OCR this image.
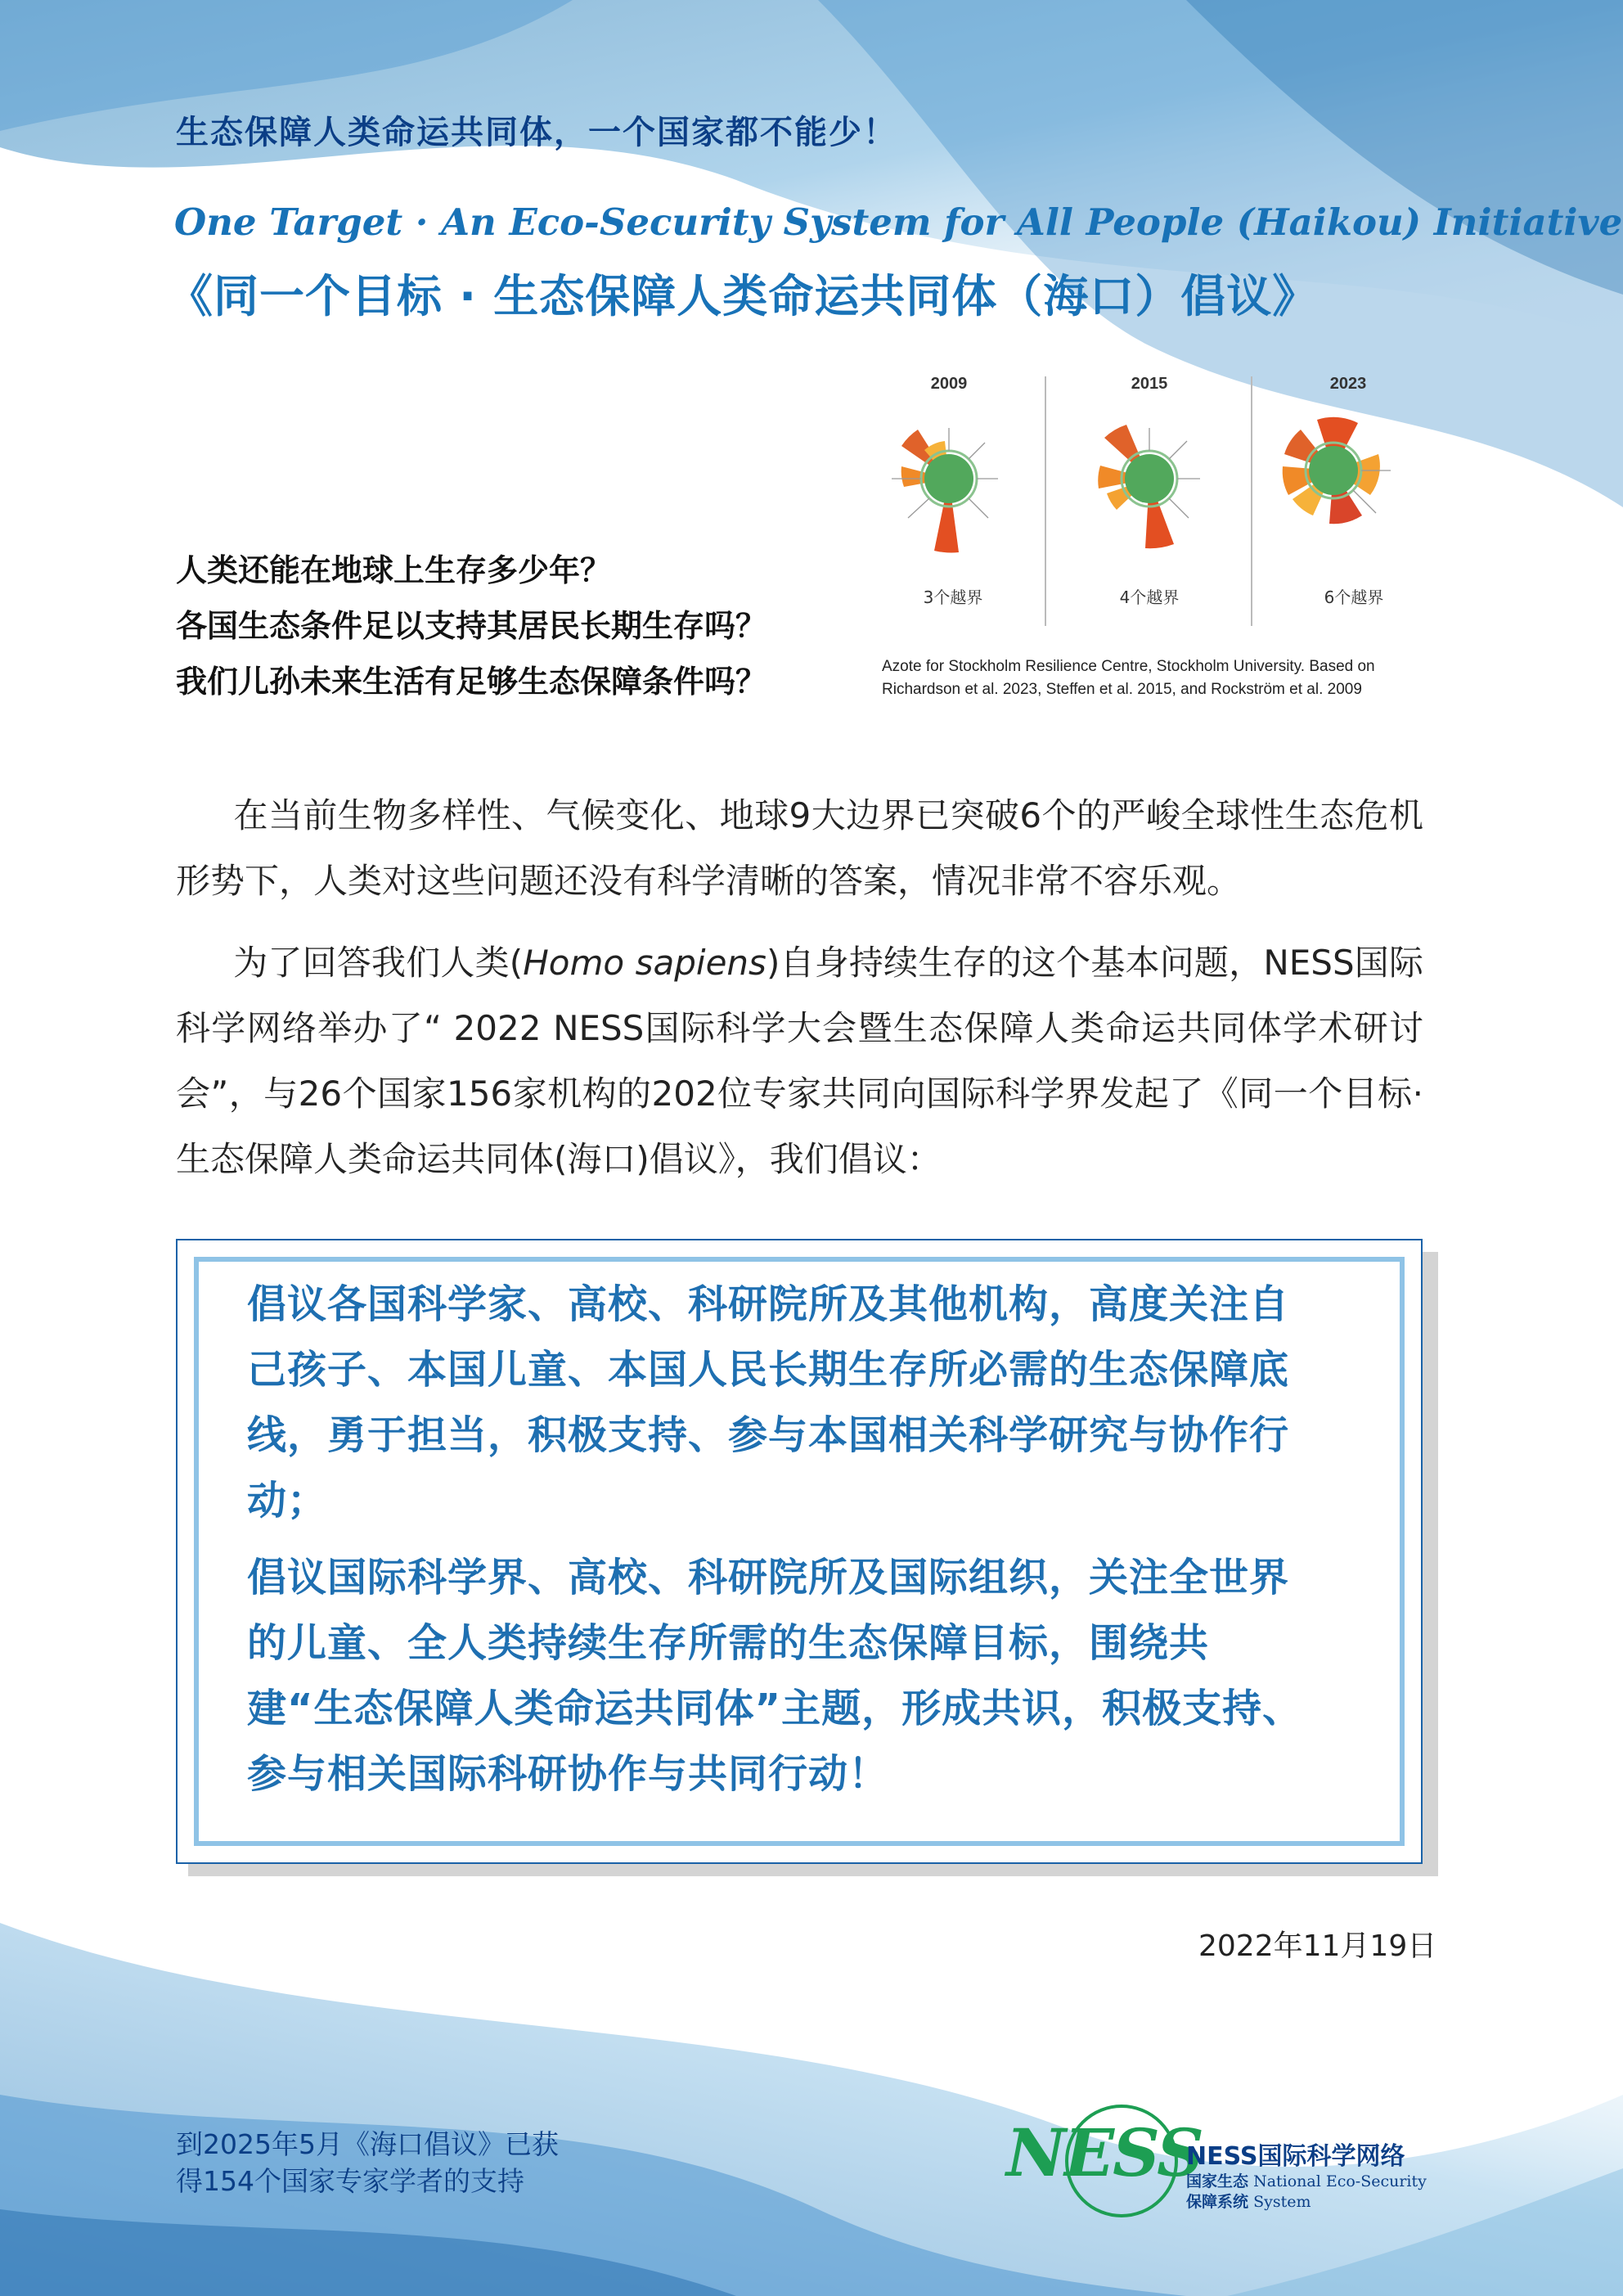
生态保障人类命运共同体，一个国家都不能少！
One Target · An Eco-Security System for All People (Haikou) Initiative
《同一个目标 · 生态保障人类命运共同体（海口）倡议》
人类还能在地球上生存多少年？
各国生态条件足以支持其居民长期生存吗？
我们儿孙未来生活有足够生态保障条件吗？
2009	2015	2023
3个越界	4个越界	6个越界
Azote for Stockholm Resilience Centre, Stockholm University. Based on
Richardson et al. 2023, Steffen et al. 2015, and Rockström et al. 2009
在当前生物多样性、气候变化、地球9大边界已突破6个的严峻全球性生态危机形势下，人类对这些问题还没有科学清晰的答案，情况非常不容乐观。
为了回答我们人类(Homo sapiens)自身持续生存的这个基本问题，NESS国际科学网络举办了“ 2022 NESS国际科学大会暨生态保障人类命运共同体学术研讨会”，与26个国家156家机构的202位专家共同向国际科学界发起了《同一个目标·生态保障人类命运共同体(海口)倡议》，我们倡议：

倡议各国科学家、高校、科研院所及其他机构，高度关注自己孩子、本国儿童、本国人民长期生存所必需的生态保障底线，勇于担当，积极支持、参与本国相关科学研究与协作行动；

倡议国际科学界、高校、科研院所及国际组织，关注全世界的儿童、全人类持续生存所需的生态保障目标，围绕共建“生态保障人类命运共同体”主题，形成共识，积极支持、参与相关国际科研协作与共同行动！

2022年11月19日
到2025年5月《海口倡议》已获
得154个国家专家学者的支持	NESS
NESS国际科学网络
国家生态 National Eco-Security
保障系统 System
